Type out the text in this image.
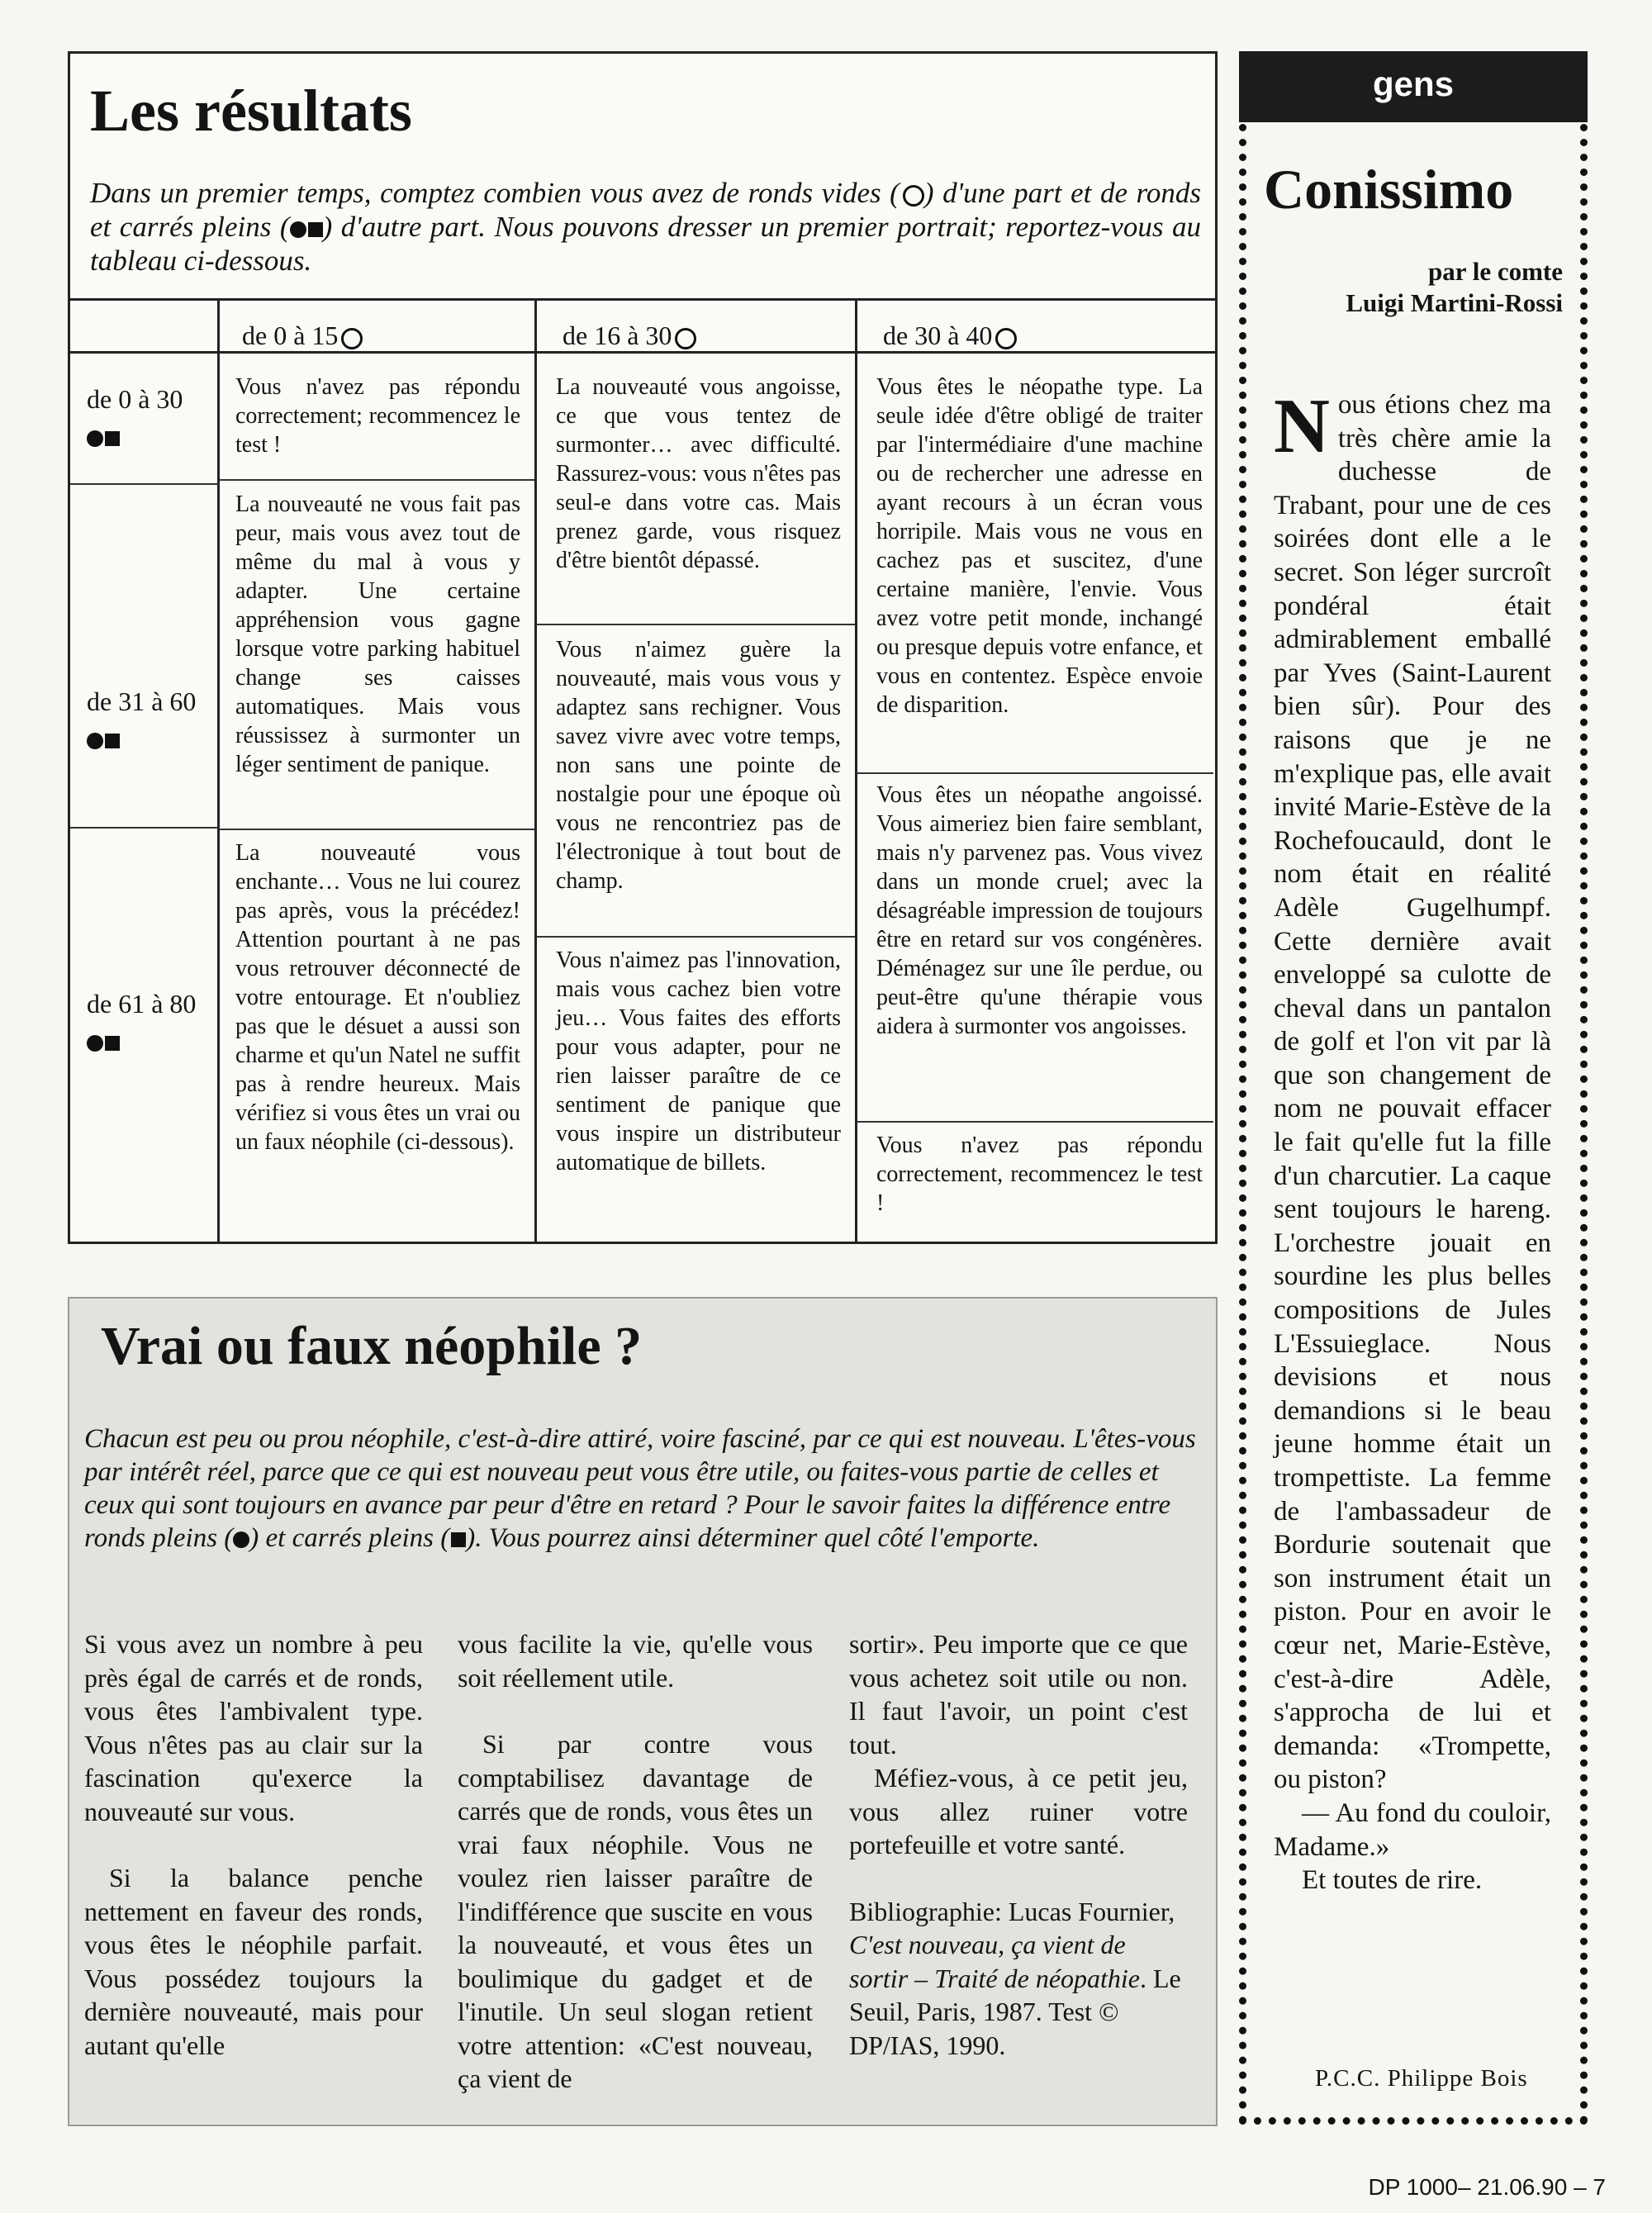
Les résultats

Dans un premier temps, comptez combien vous avez de ronds vides ( ) d'une part et de ronds et carrés pleins ( ) d'autre part. Nous pouvons dresser un premier portrait; reportez-vous au tableau ci-dessous.

de 0 à 15	de 16 à 30	de 30 à 40
de 0 à 30
de 31 à 60
de 61 à 80
Vous n'avez pas répondu correctement; recommencez le test !
La nouveauté ne vous fait pas peur, mais vous avez tout de même du mal à vous y adapter. Une certaine appréhension vous gagne lorsque votre parking habituel change ses caisses automatiques. Mais vous réussissez à surmonter un léger sentiment de panique.
La nouveauté vous enchante… Vous ne lui courez pas après, vous la précédez! Attention pourtant à ne pas vous retrouver déconnecté de votre entourage. Et n'oubliez pas que le désuet a aussi son charme et qu'un Natel ne suffit pas à rendre heureux. Mais vérifiez si vous êtes un vrai ou un faux néophile (ci-dessous).
La nouveauté vous angoisse, ce que vous tentez de surmonter… avec difficulté. Rassurez-vous: vous n'êtes pas seul-e dans votre cas. Mais prenez garde, vous risquez d'être bientôt dépassé.
Vous n'aimez guère la nouveauté, mais vous vous y adaptez sans rechigner. Vous savez vivre avec votre temps, non sans une pointe de nostalgie pour une époque où vous ne rencontriez pas de l'électronique à tout bout de champ.
Vous n'aimez pas l'innovation, mais vous cachez bien votre jeu… Vous faites des efforts pour vous adapter, pour ne rien laisser paraître de ce sentiment de panique que vous inspire un distributeur automatique de billets.
Vous êtes le néopathe type. La seule idée d'être obligé de traiter par l'intermédiaire d'une machine ou de rechercher une adresse en ayant recours à un écran vous horripile. Mais vous ne vous en cachez pas et suscitez, d'une certaine manière, l'envie. Vous avez votre petit monde, inchangé ou presque depuis votre enfance, et vous en contentez. Espèce envoie de disparition.
Vous êtes un néopathe angoissé. Vous aimeriez bien faire semblant, mais n'y parvenez pas. Vous vivez dans un monde cruel; avec la désagréable impression de toujours être en retard sur vos congénères. Déménagez sur une île perdue, ou peut-être qu'une thérapie vous aidera à surmonter vos angoisses.
Vous n'avez pas répondu correctement, recommencez le test !
gens
Conissimo
par le comte
Luigi Martini-Rossi

Nous étions chez ma très chère amie la duchesse de Trabant, pour une de ces soirées dont elle a le secret. Son léger surcroît pondéral était admirablement emballé par Yves (Saint-Laurent bien sûr). Pour des raisons que je ne m'explique pas, elle avait invité Marie-Estève de la Rochefoucauld, dont le nom était en réalité Adèle Gugelhumpf. Cette dernière avait enveloppé sa culotte de cheval dans un pantalon de golf et l'on vit par là que son changement de nom ne pouvait effacer le fait qu'elle fut la fille d'un charcutier. La caque sent toujours le hareng. L'orchestre jouait en sourdine les plus belles compositions de Jules L'Essuieglace. Nous devisions et nous demandions si le beau jeune homme était un trompettiste. La femme de l'ambassadeur de Bordurie soutenait que son instrument était un piston. Pour en avoir le cœur net, Marie-Estève, c'est-à-dire Adèle, s'approcha de lui et demanda: «Trompette, ou piston?

— Au fond du couloir, Madame.»

Et toutes de rire.

P.C.C. Philippe Bois
Vrai ou faux néophile ?

Chacun est peu ou prou néophile, c'est-à-dire attiré, voire fasciné, par ce qui est nouveau. L'êtes-vous par intérêt réel, parce que ce qui est nouveau peut vous être utile, ou faites-vous partie de celles et ceux qui sont toujours en avance par peur d'être en retard ? Pour le savoir faites la différence entre ronds pleins ( ) et carrés pleins ( ). Vous pourrez ainsi déterminer quel côté l'emporte.

Si vous avez un nombre à peu près égal de carrés et de ronds, vous êtes l'ambivalent type. Vous n'êtes pas au clair sur la fascination qu'exerce la nouveauté sur vous.

Si la balance penche nettement en faveur des ronds, vous êtes le néophile parfait. Vous possédez toujours la dernière nouveauté, mais pour autant qu'elle

vous facilite la vie, qu'elle vous soit réellement utile.

Si par contre vous comptabilisez davantage de carrés que de ronds, vous êtes un vrai faux néophile. Vous ne voulez rien laisser paraître de l'indifférence que suscite en vous la nouveauté, et vous êtes un boulimique du gadget et de l'inutile. Un seul slogan retient votre attention: «C'est nouveau, ça vient de

sortir». Peu importe que ce que vous achetez soit utile ou non. Il faut l'avoir, un point c'est tout.

Méfiez-vous, à ce petit jeu, vous allez ruiner votre portefeuille et votre santé.

Bibliographie: Lucas Fournier, C'est nouveau, ça vient de sortir – Traité de néopathie. Le Seuil, Paris, 1987. Test © DP/IAS, 1990.

DP 1000– 21.06.90 – 7
